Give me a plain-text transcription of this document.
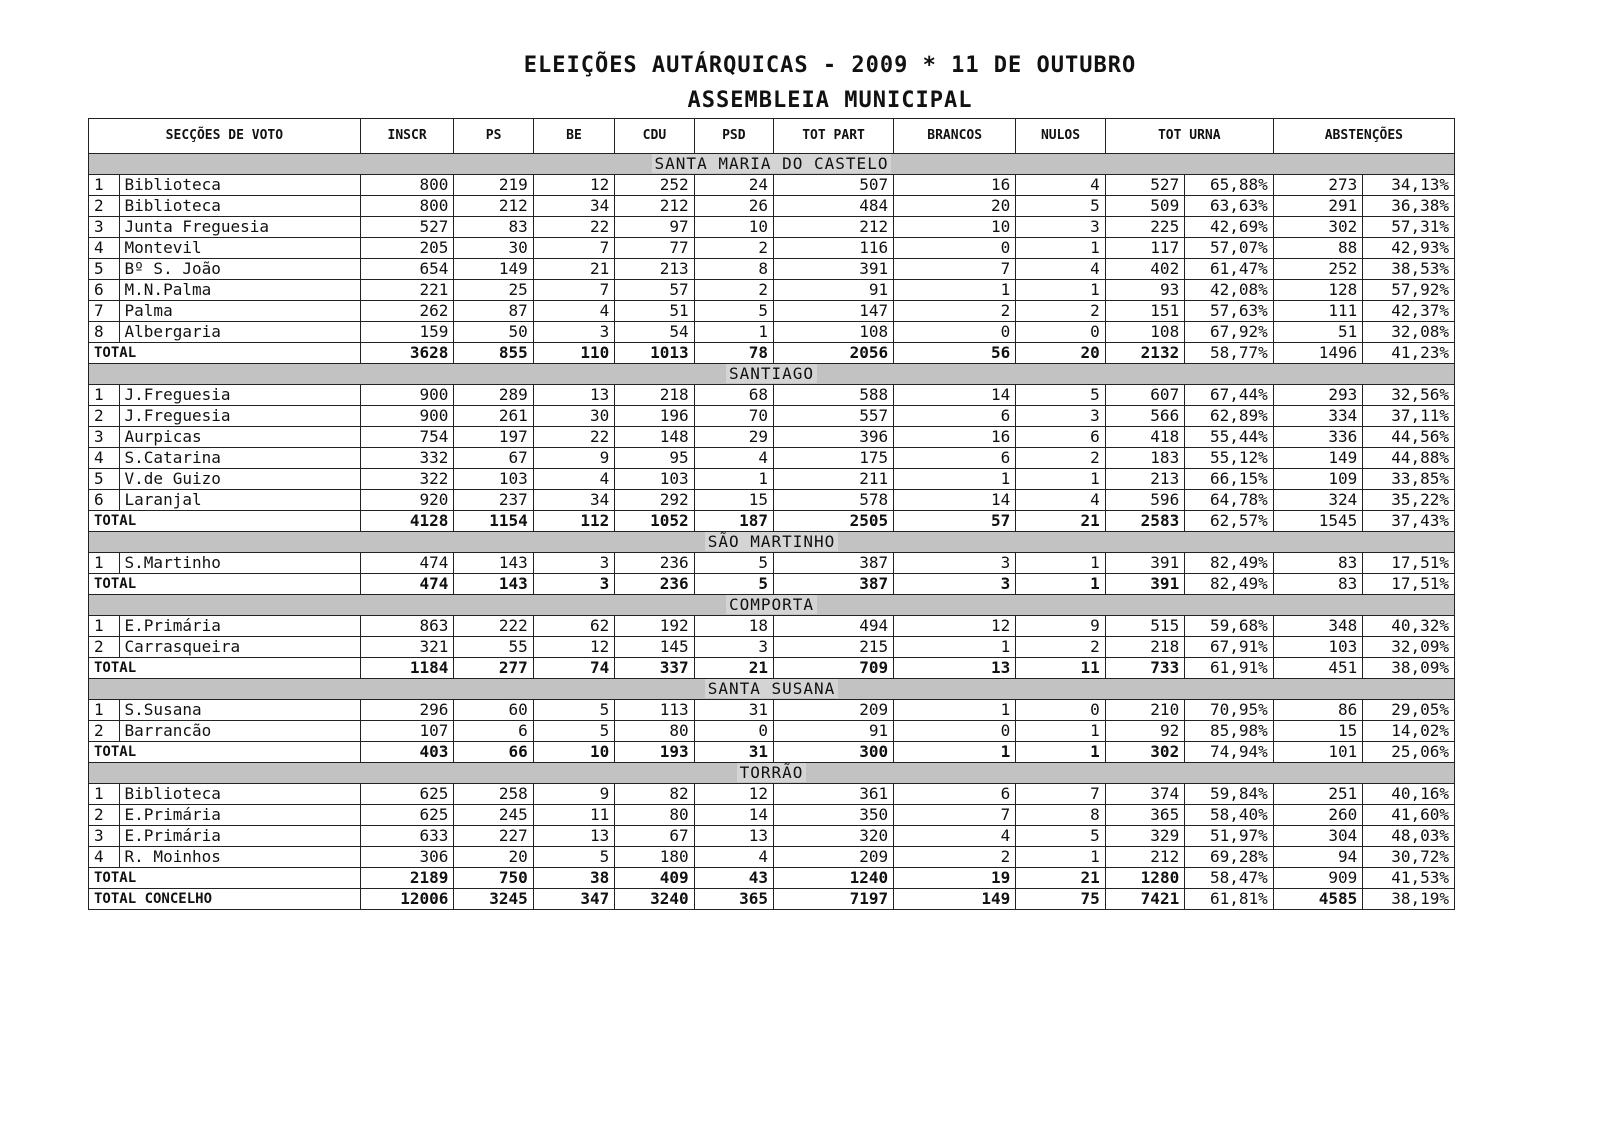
ELEIÇÕES AUTÁRQUICAS - 2009 * 11 DE OUTUBRO
ASSEMBLEIA MUNICIPAL
SECÇÕES DE VOTO		INSCR	PS	BE	CDU	PSD	TOT PART	BRANCOS	NULOS	TOT URNA		ABSTENÇÕES	
SANTA MARIA DO CASTELO													
1	Biblioteca	800	219	12	252	24	507	16	4	527	65,88%	273	34,13%
2	Biblioteca	800	212	34	212	26	484	20	5	509	63,63%	291	36,38%
3	Junta Freguesia	527	83	22	97	10	212	10	3	225	42,69%	302	57,31%
4	Montevil	205	30	7	77	2	116	0	1	117	57,07%	88	42,93%
5	Bº S. João	654	149	21	213	8	391	7	4	402	61,47%	252	38,53%
6	M.N.Palma	221	25	7	57	2	91	1	1	93	42,08%	128	57,92%
7	Palma	262	87	4	51	5	147	2	2	151	57,63%	111	42,37%
8	Albergaria	159	50	3	54	1	108	0	0	108	67,92%	51	32,08%
TOTAL		3628	855	110	1013	78	2056	56	20	2132	58,77%	1496	41,23%
SANTIAGO													
1	J.Freguesia	900	289	13	218	68	588	14	5	607	67,44%	293	32,56%
2	J.Freguesia	900	261	30	196	70	557	6	3	566	62,89%	334	37,11%
3	Aurpicas	754	197	22	148	29	396	16	6	418	55,44%	336	44,56%
4	S.Catarina	332	67	9	95	4	175	6	2	183	55,12%	149	44,88%
5	V.de Guizo	322	103	4	103	1	211	1	1	213	66,15%	109	33,85%
6	Laranjal	920	237	34	292	15	578	14	4	596	64,78%	324	35,22%
TOTAL		4128	1154	112	1052	187	2505	57	21	2583	62,57%	1545	37,43%
SÃO MARTINHO													
1	S.Martinho	474	143	3	236	5	387	3	1	391	82,49%	83	17,51%
TOTAL		474	143	3	236	5	387	3	1	391	82,49%	83	17,51%
COMPORTA													
1	E.Primária	863	222	62	192	18	494	12	9	515	59,68%	348	40,32%
2	Carrasqueira	321	55	12	145	3	215	1	2	218	67,91%	103	32,09%
TOTAL		1184	277	74	337	21	709	13	11	733	61,91%	451	38,09%
SANTA SUSANA													
1	S.Susana	296	60	5	113	31	209	1	0	210	70,95%	86	29,05%
2	Barrancão	107	6	5	80	0	91	0	1	92	85,98%	15	14,02%
TOTAL		403	66	10	193	31	300	1	1	302	74,94%	101	25,06%
TORRÃO													
1	Biblioteca	625	258	9	82	12	361	6	7	374	59,84%	251	40,16%
2	E.Primária	625	245	11	80	14	350	7	8	365	58,40%	260	41,60%
3	E.Primária	633	227	13	67	13	320	4	5	329	51,97%	304	48,03%
4	R. Moinhos	306	20	5	180	4	209	2	1	212	69,28%	94	30,72%
TOTAL		2189	750	38	409	43	1240	19	21	1280	58,47%	909	41,53%
TOTAL CONCELHO		12006	3245	347	3240	365	7197	149	75	7421	61,81%	4585	38,19%
